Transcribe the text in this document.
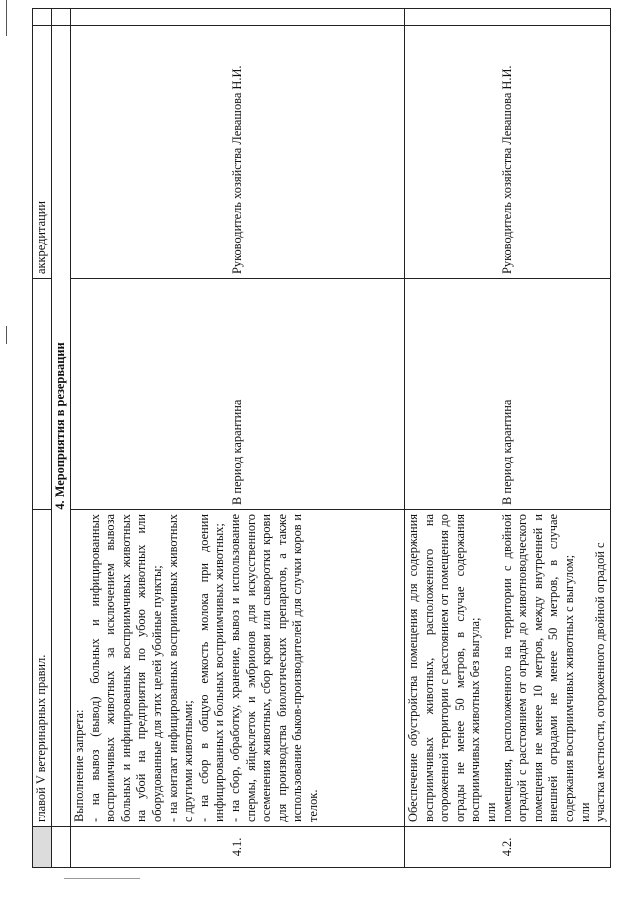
	главой V ветеринарных правил.		аккредитации	
	4. Мероприятия в резервации			
4.1.	Выполнение запрета: - на вывоз (вывод) больных и инфицированных восприимчивых животных за исключением вывоза больных и инфицированных восприимчивых животных на убой на предприятия по убою животных или оборудованные для этих целей убойные пункты; - на контакт инфицированных восприимчивых животных с другими животными; - на сбор в общую емкость молока при доении инфицированных и больных восприимчивых животных; - на сбор, обработку, хранение, вывоз и использование спермы, яйцеклеток и эмбрионов для искусственного осеменения животных, сбор крови или сыворотки крови для производства биологических препаратов, а также использование быков-производителей для случки коров и телок.	В период карантина	Руководитель хозяйства Левашова Н.И.	
4.2.	Обеспечение обустройства помещения для содержания восприимчивых животных, расположенного на огороженной территории с расстоянием от помещения до ограды не менее 50 метров, в случае содержания восприимчивых животных без выгула; или помещения, расположенного на территории с двойной оградой с расстоянием от ограды до животноводческого помещения не менее 10 метров, между внутренней и внешней оградами не менее 50 метров, в случае содержания восприимчивых животных с выгулом; или участка местности, огороженного двойной оградой с	В период карантина	Руководитель хозяйства Левашова Н.И.	
